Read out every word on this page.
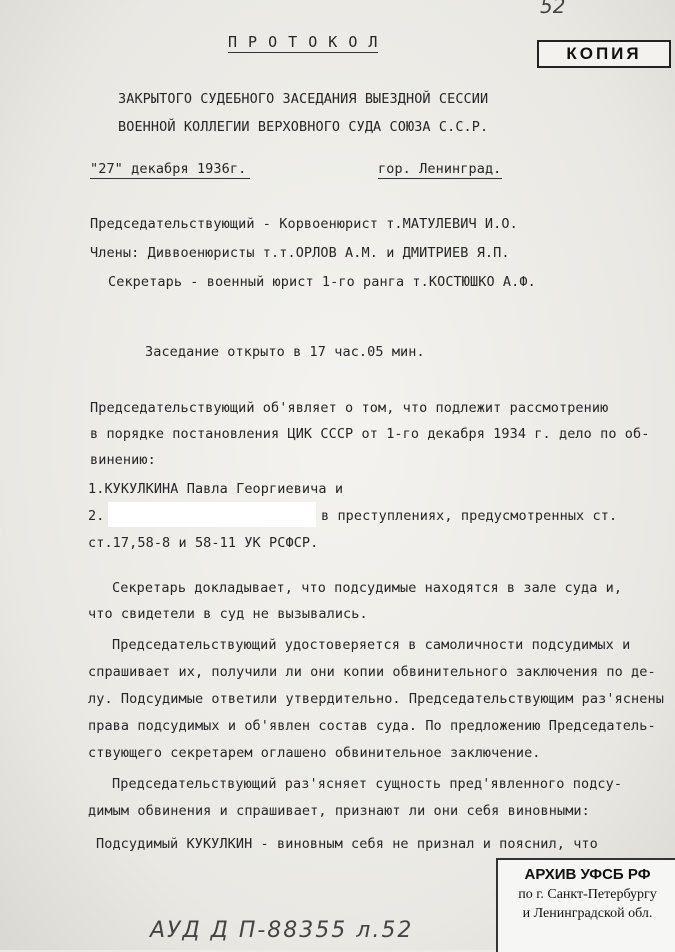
52
КОПИЯ
П Р О Т О К О Л
ЗАКРЫТОГО СУДЕБНОГО ЗАСЕДАНИЯ ВЫЕЗДНОЙ СЕССИИ
ВОЕННОЙ КОЛЛЕГИИ ВЕРХОВНОГО СУДА СОЮЗА С.С.Р.
"27" декабря 1936г.	гор. Ленинград.
Председательствующий - Корвоенюрист т.МАТУЛЕВИЧ И.О.
Члены: Диввоенюристы т.т.ОРЛОВ А.М. и ДМИТРИЕВ Я.П.
Секретарь - военный юрист 1-го ранга т.КОСТЮШКО А.Ф.
Заседание открыто в 17 час.05 мин.
Председательствующий об'являет о том, что подлежит рассмотрению
в порядке постановления ЦИК СССР от 1-го декабря 1934 г. дело по об-
винению:
1.КУКУЛКИНА Павла Георгиевича и
2.	в преступлениях, предусмотренных ст.
ст.17,58-8 и 58-11 УК РСФСР.
Секретарь докладывает, что подсудимые находятся в зале суда и,
что свидетели в суд не вызывались.
Председательствующий удостоверяется в самоличности подсудимых и
спрашивает их, получили ли они копии обвинительного заключения по де-
лу. Подсудимые ответили утвердительно. Председательствующим раз'яснены
права подсудимых и об'явлен состав суда. По предложению Председатель-
ствующего секретарем оглашено обвинительное заключение.
Председательствующий раз'ясняет сущность пред'явленного подсу-
димым обвинения и спрашивает, признают ли они себя виновными:
Подсудимый КУКУЛКИН - виновным себя не признал и пояснил, что
АУД Д П-88355 л.52
АРХИВ УФСБ РФ
по г. Санкт-Петербургу
и Ленинградской обл.
